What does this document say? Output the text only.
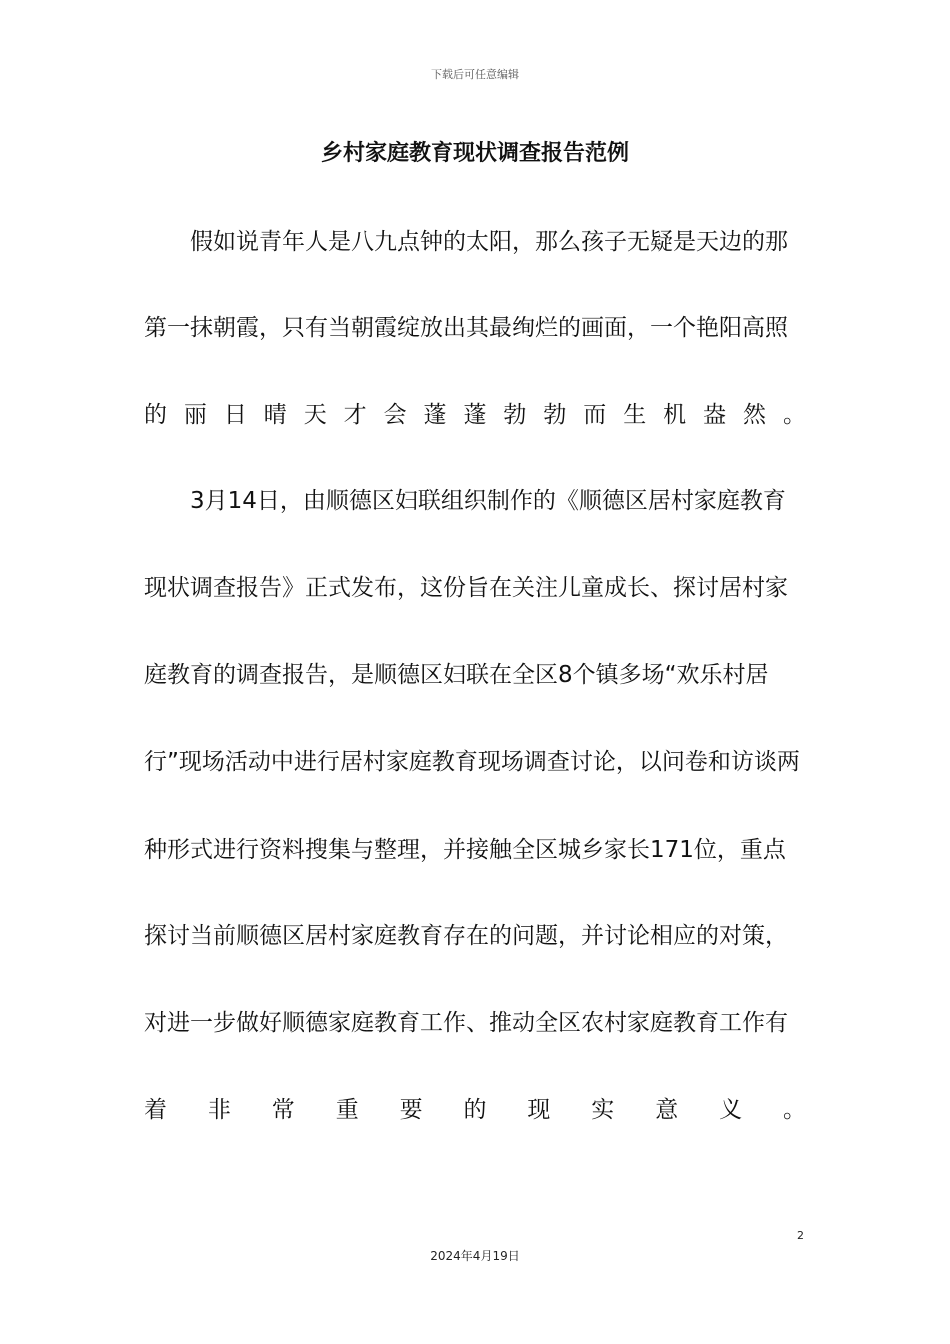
下载后可任意编辑
乡村家庭教育现状调查报告范例
假如说青年人是八九点钟的太阳，那么孩子无疑是天边的那
第一抹朝霞，只有当朝霞绽放出其最绚烂的画面，一个艳阳高照
的 丽 日 晴 天 才 会 蓬 蓬 勃 勃 而 生 机 盎 然 。
3月14日，由顺德区妇联组织制作的《顺德区居村家庭教育
现状调查报告》正式发布，这份旨在关注儿童成长、探讨居村家
庭教育的调查报告，是顺德区妇联在全区8个镇多场“欢乐村居
行”现场活动中进行居村家庭教育现场调查讨论，以问卷和访谈两
种形式进行资料搜集与整理，并接触全区城乡家长171位，重点
探讨当前顺德区居村家庭教育存在的问题，并讨论相应的对策，
对进一步做好顺德家庭教育工作、推动全区农村家庭教育工作有
着 非 常 重 要 的 现 实 意 义 。
2
2024年4月19日
